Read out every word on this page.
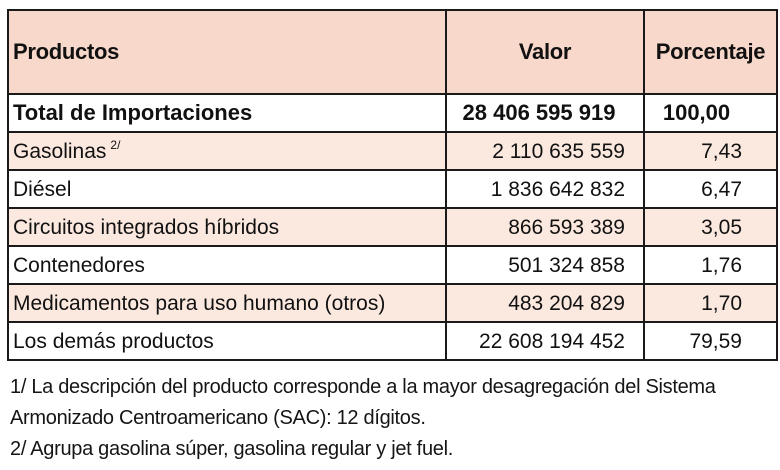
Productos	Valor	Porcentaje
Total de Importaciones	28 406 595 919	100,00
Gasolinas $^{2/}$	2 110 635 559	7,43
Diésel	1 836 642 832	6,47
Circuitos integrados híbridos	866 593 389	3,05
Contenedores	501 324 858	1,76
Medicamentos para uso humano (otros)	483 204 829	1,70
Los demás productos	22 608 194 452	79,59

1/ La descripción del producto corresponde a la mayor desagregación del Sistema

Armonizado Centroamericano (SAC): 12 dígitos.

2/ Agrupa gasolina súper, gasolina regular y jet fuel.
